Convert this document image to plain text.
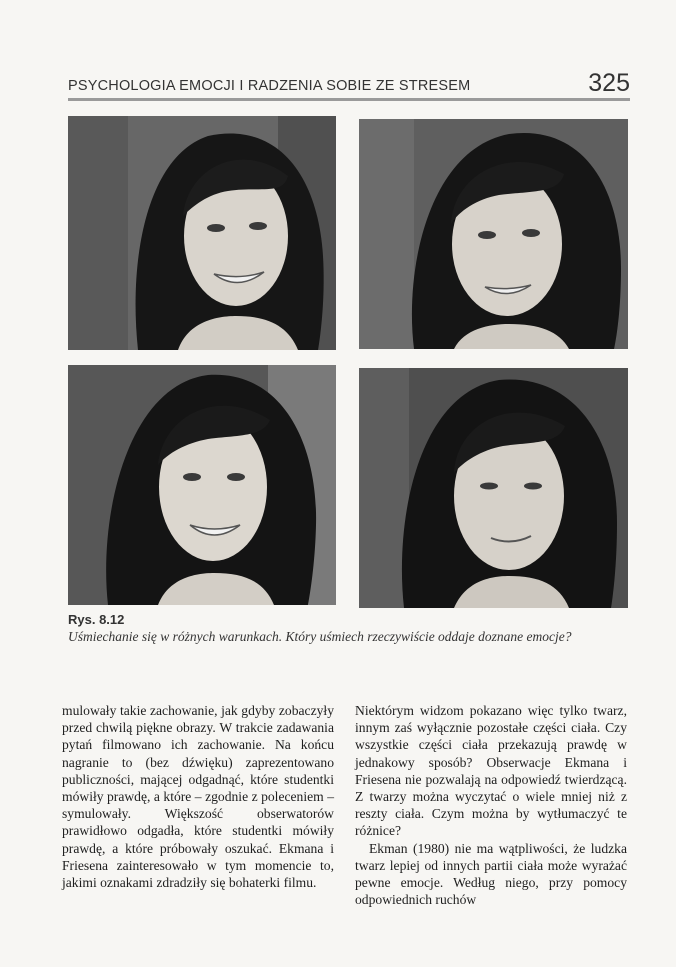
PSYCHOLOGIA EMOCJI I RADZENIA SOBIE ZE STRESEM	325
Rys. 8.12
Uśmiechanie się w różnych warunkach. Który uśmiech rzeczywiście oddaje doznane emocje?

mulowały takie zachowanie, jak gdyby zobaczyły przed chwilą piękne obrazy. W trakcie zadawania pytań filmowano ich zachowanie. Na końcu nagranie to (bez dźwięku) zaprezentowano publiczności, mającej odgadnąć, które studentki mówiły prawdę, a które – zgodnie z poleceniem – symulowały. Większość obserwatorów prawidłowo odgadła, które studentki mówiły prawdę, a które próbowały oszukać. Ekmana i Friesena zainteresowało w tym momencie to, jakimi oznakami zdradziły się bohaterki filmu.

Niektórym widzom pokazano więc tylko twarz, innym zaś wyłącznie pozostałe części ciała. Czy wszystkie części ciała przekazują prawdę w jednakowy sposób? Obserwacje Ekmana i Friesena nie pozwalają na odpowiedź twierdzącą. Z twarzy można wyczytać o wiele mniej niż z reszty ciała. Czym można by wytłumaczyć te różnice?

Ekman (1980) nie ma wątpliwości, że ludzka twarz lepiej od innych partii ciała może wyrażać pewne emocje. Według niego, przy pomocy odpowiednich ruchów
